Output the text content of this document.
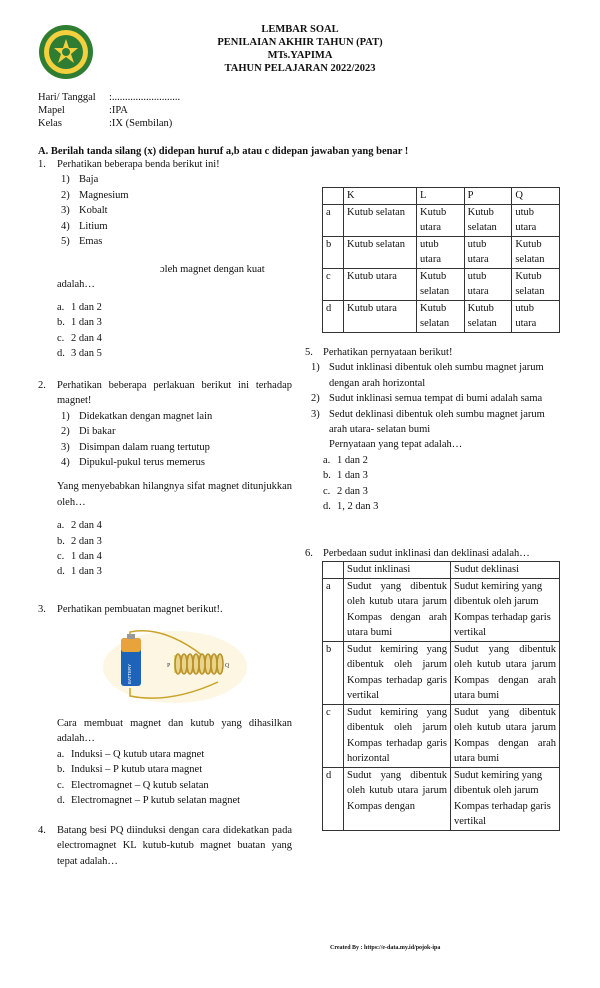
LEMBAR SOAL
PENILAIAN AKHIR TAHUN (PAT)
MTs.YAPIMA
TAHUN PELAJARAN 2022/2023
Hari/ Tanggal :..........................
Mapel	:IPA
Kelas	:IX (Sembilan)
A. Berilah tanda silang (x) didepan huruf a,b atau c didepan jawaban yang benar !
1. Perhatikan beberapa benda berikut ini!
1) Baja
2) Magnesium
3) Kobalt
4) Litium
5) Emas
ɔleh magnet dengan kuat
adalah…
a. 1 dan 2
b. 1 dan 3
c. 2 dan 4
d. 3 dan 5
2. Perhatikan beberapa perlakuan berikut ini terhadap magnet!
1) Didekatkan dengan magnet lain
2) Di bakar
3) Disimpan dalam ruang tertutup
4) Dipukul-pukul terus memerus
Yang menyebabkan hilangnya sifat magnet ditunjukkan oleh…
a. 2 dan 4
b. 2 dan 3
c. 1 dan 4
d. 1 dan 3
3.	Perhatikan pembuatan magnet berikut!.
BATTERY	P	Q
Cara membuat magnet dan kutub yang dihasilkan adalah…
a. Induksi – Q kutub utara magnet
b. Induksi – P kutub utara magnet
c. Electromagnet – Q kutub selatan
d. Electromagnet – P kutub selatan magnet
4.	Batang besi PQ diinduksi dengan cara didekatkan pada electromagnet KL kutub-kutub magnet buatan yang tepat adalah…
	K	L	P	Q
a	Kutub selatan	Kutub utara	Kutub selatan	utub utara
b	Kutub selatan	utub utara	utub utara	Kutub selatan
c	Kutub utara	Kutub selatan	utub utara	Kutub selatan
d	Kutub utara	Kutub selatan	Kutub selatan	utub utara
5. Perhatikan pernyataan berikut!
1) Sudut inklinasi dibentuk oleh sumbu magnet jarum dengan arah horizontal
2) Sudut inklinasi semua tempat di bumi adalah sama
3) Sedut deklinasi dibentuk oleh sumbu magnet jarum arah utara- selatan bumi
Pernyataan yang tepat adalah…
a. 1 dan 2
b. 1 dan 3
c. 2 dan 3
d. 1, 2 dan 3
6. Perbedaan sudut inklinasi dan deklinasi adalah…
	Sudut inklinasi	Sudut deklinasi
a	Sudut yang dibentuk oleh kutub utara jarum Kompas dengan arah utara bumi	Sudut kemiring yang dibentuk oleh jarum Kompas terhadap garis vertikal
b	Sudut kemiring yang dibentuk oleh jarum Kompas terhadap garis vertikal	Sudut yang dibentuk oleh kutub utara jarum Kompas dengan arah utara bumi
c	Sudut kemiring yang dibentuk oleh jarum Kompas terhadap garis horizontal	Sudut yang dibentuk oleh kutub utara jarum Kompas dengan arah utara bumi
d	Sudut yang dibentuk oleh kutub utara jarum Kompas dengan	Sudut kemiring yang dibentuk oleh jarum Kompas terhadap garis vertikal
Created By : https://e-data.my.id/pojok-ipa
